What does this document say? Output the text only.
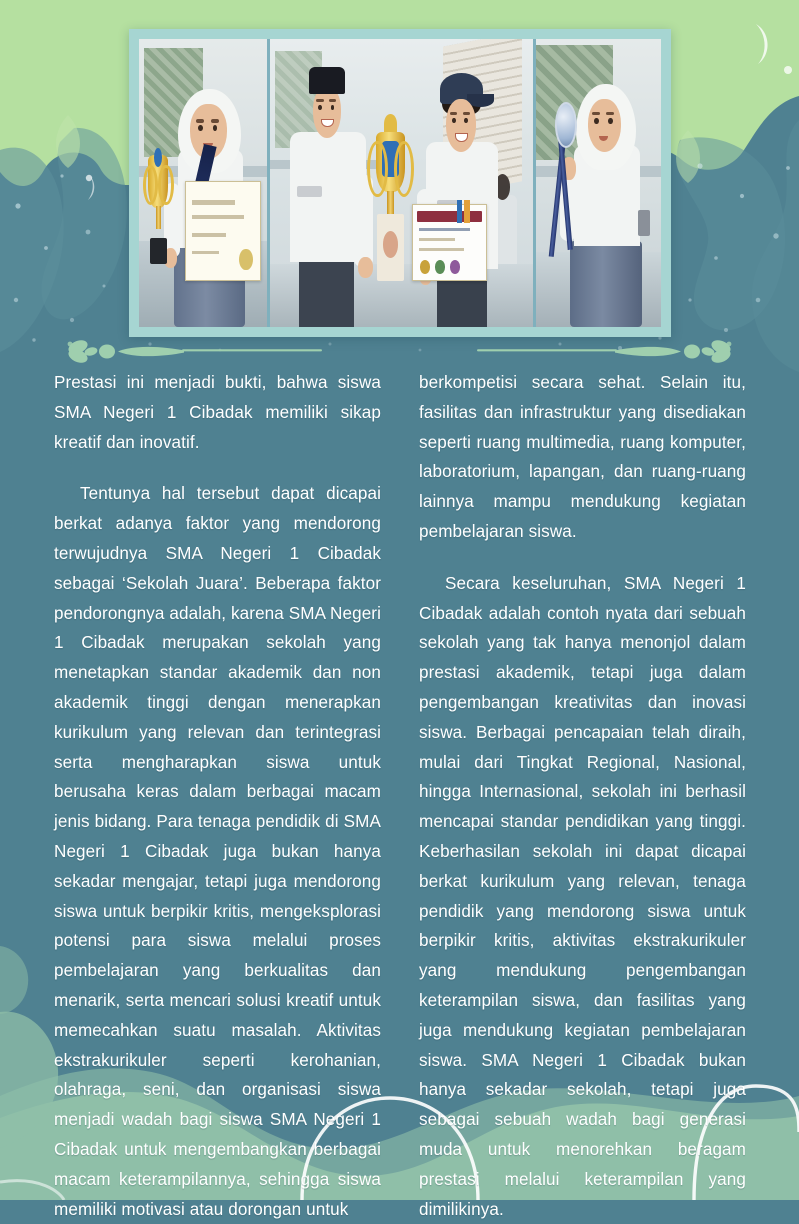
Prestasi ini menjadi bukti, bahwa siswa SMA Negeri 1 Cibadak memiliki sikap kreatif dan inovatif.

Tentunya hal tersebut dapat dicapai berkat adanya faktor yang mendorong terwujudnya SMA Negeri 1 Cibadak sebagai ‘Sekolah Juara’. Beberapa faktor pendorongnya adalah, karena SMA Negeri 1 Cibadak merupakan sekolah yang menetapkan standar akademik dan non akademik tinggi dengan menerapkan kurikulum yang relevan dan terintegrasi serta mengharapkan siswa untuk berusaha keras dalam berbagai macam jenis bidang. Para tenaga pendidik di SMA Negeri 1 Cibadak juga bukan hanya sekadar mengajar, tetapi juga mendorong siswa untuk berpikir kritis, mengeksplorasi potensi para siswa melalui proses pembelajaran yang berkualitas dan menarik, serta mencari solusi kreatif untuk memecahkan suatu masalah. Aktivitas ekstrakurikuler seperti kerohanian, olahraga, seni, dan organisasi siswa menjadi wadah bagi siswa SMA Negeri 1 Cibadak untuk mengembangkan berbagai macam keterampilannya, sehingga siswa memiliki motivasi atau dorongan untuk

berkompetisi secara sehat. Selain itu, fasilitas dan infrastruktur yang disediakan seperti ruang multimedia, ruang komputer, laboratorium, lapangan, dan ruang-ruang lainnya mampu mendukung kegiatan pembelajaran siswa.

Secara keseluruhan, SMA Negeri 1 Cibadak adalah contoh nyata dari sebuah sekolah yang tak hanya menonjol dalam prestasi akademik, tetapi juga dalam pengembangan kreativitas dan inovasi siswa. Berbagai pencapaian telah diraih, mulai dari Tingkat Regional, Nasional, hingga Internasional, sekolah ini berhasil mencapai standar pendidikan yang tinggi. Keberhasilan sekolah ini dapat dicapai berkat kurikulum yang relevan, tenaga pendidik yang mendorong siswa untuk berpikir kritis, aktivitas ekstrakurikuler yang mendukung pengembangan keterampilan siswa, dan fasilitas yang juga mendukung kegiatan pembelajaran siswa. SMA Negeri 1 Cibadak bukan hanya sekadar sekolah, tetapi juga sebagai sebuah wadah bagi generasi muda untuk menorehkan beragam prestasi melalui keterampilan yang dimilikinya.
